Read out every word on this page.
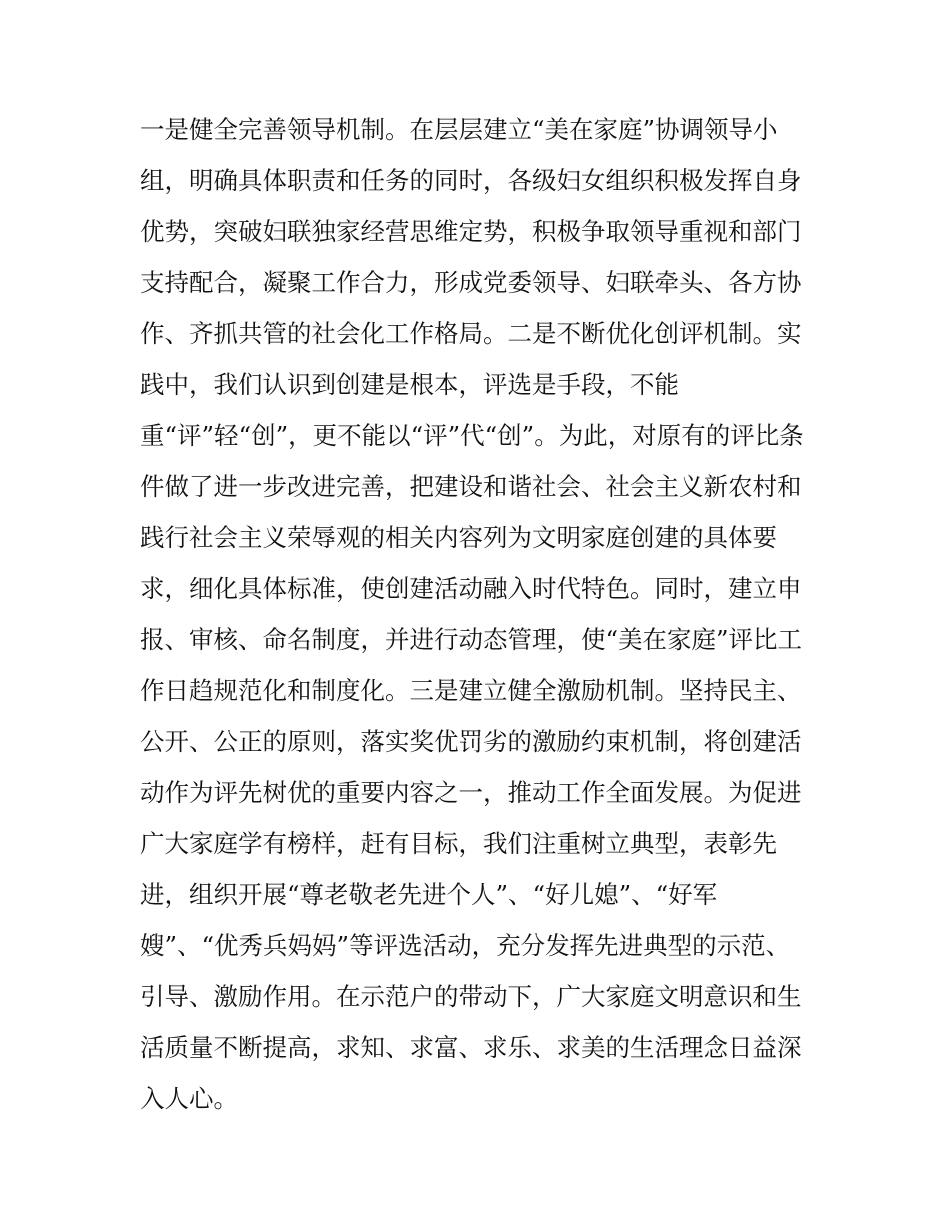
一是健全完善领导机制。在层层建立“美在家庭”协调领导小
组，明确具体职责和任务的同时，各级妇女组织积极发挥自身
优势，突破妇联独家经营思维定势，积极争取领导重视和部门
支持配合，凝聚工作合力，形成党委领导、妇联牵头、各方协
作、齐抓共管的社会化工作格局。二是不断优化创评机制。实
践中，我们认识到创建是根本，评选是手段，不能
重“评”轻“创”，更不能以“评”代“创”。为此，对原有的评比条
件做了进一步改进完善，把建设和谐社会、社会主义新农村和
践行社会主义荣辱观的相关内容列为文明家庭创建的具体要
求，细化具体标准，使创建活动融入时代特色。同时，建立申
报、审核、命名制度，并进行动态管理，使“美在家庭”评比工
作日趋规范化和制度化。三是建立健全激励机制。坚持民主、
公开、公正的原则，落实奖优罚劣的激励约束机制，将创建活
动作为评先树优的重要内容之一，推动工作全面发展。为促进
广大家庭学有榜样，赶有目标，我们注重树立典型，表彰先
进，组织开展“尊老敬老先进个人”、“好儿媳”、“好军
嫂”、“优秀兵妈妈”等评选活动，充分发挥先进典型的示范、
引导、激励作用。在示范户的带动下，广大家庭文明意识和生
活质量不断提高，求知、求富、求乐、求美的生活理念日益深
入人心。
